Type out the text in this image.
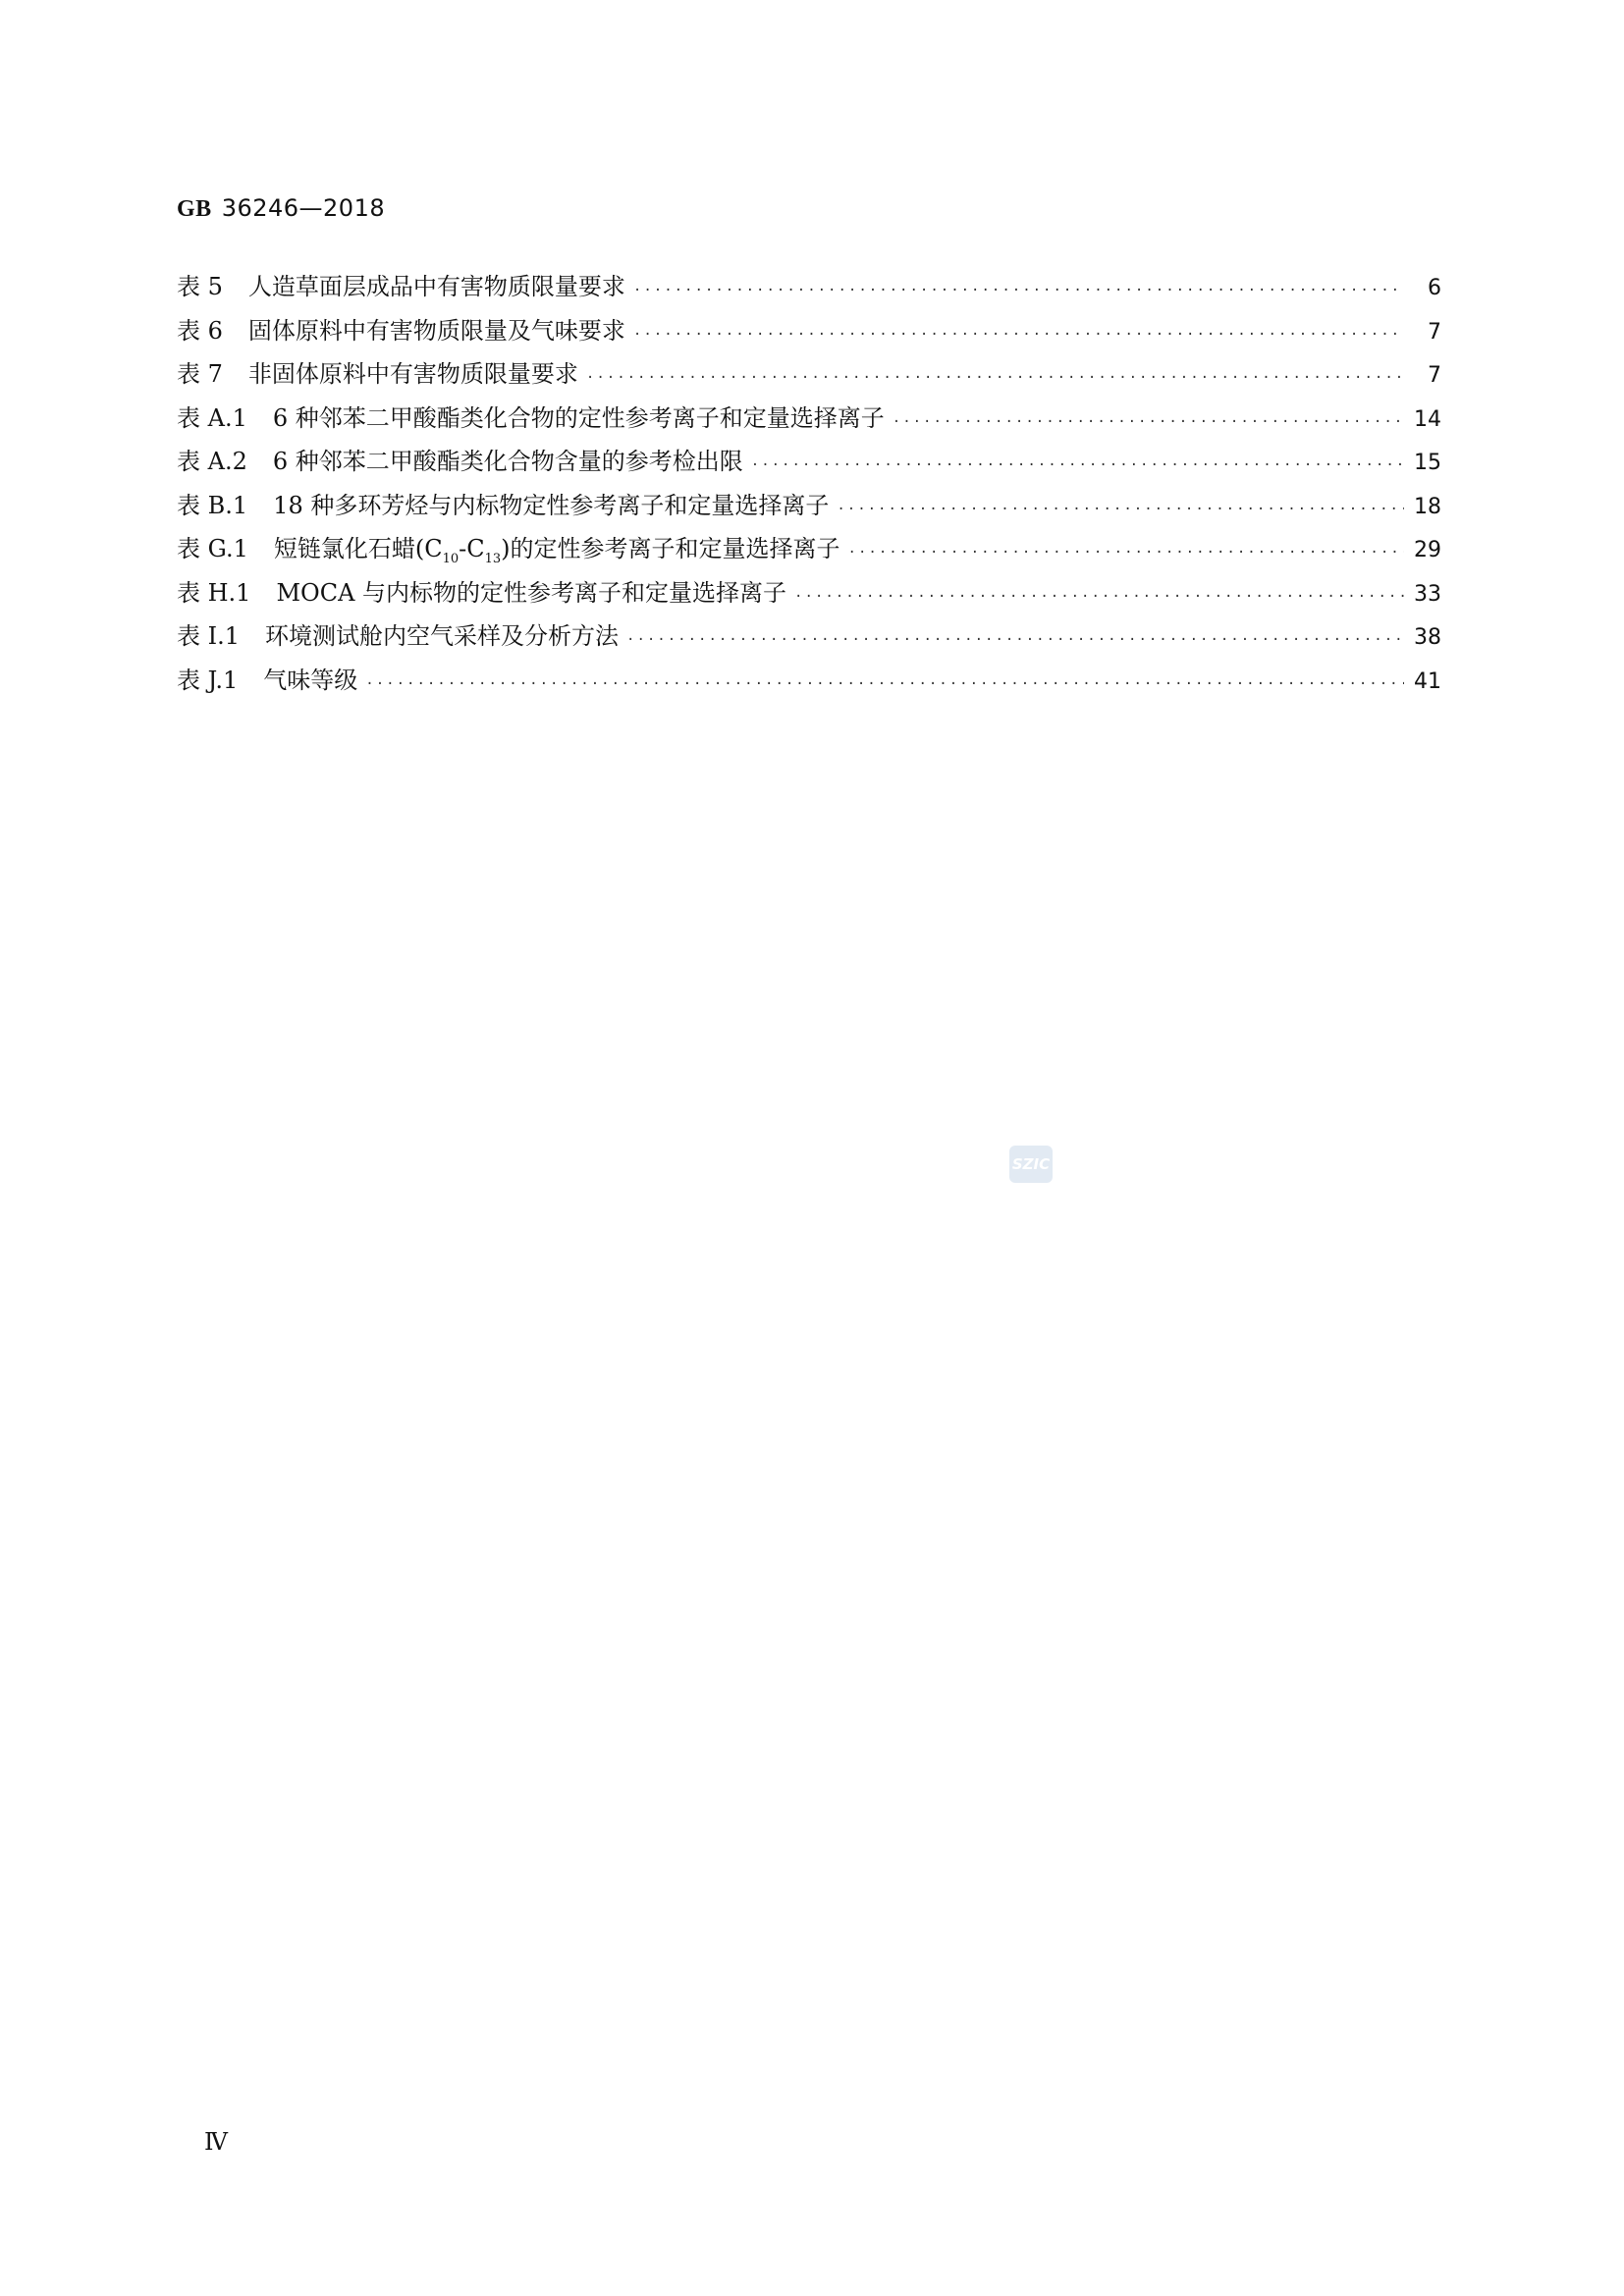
GB 36246—2018
表 5 人造草面层成品中有害物质限量要求 ·····	6
表 6 固体原料中有害物质限量及气味要求 ·····	7
表 7 非固体原料中有害物质限量要求 ·····	7
表 A.1 6 种邻苯二甲酸酯类化合物的定性参考离子和定量选择离子 ·····	14
表 A.2 6 种邻苯二甲酸酯类化合物含量的参考检出限 ·····	15
表 B.1 18 种多环芳烃与内标物定性参考离子和定量选择离子 ·····	18
表 G.1 短链氯化石蜡$(C_{10}-C_{13})$的定性参考离子和定量选择离子 ·····	29
表 H.1 MOCA 与内标物的定性参考离子和定量选择离子 ·····	33
表 I.1 环境测试舱内空气采样及分析方法 ·····	38
表 J.1 气味等级 ·····	41
SZIC
Ⅳ
